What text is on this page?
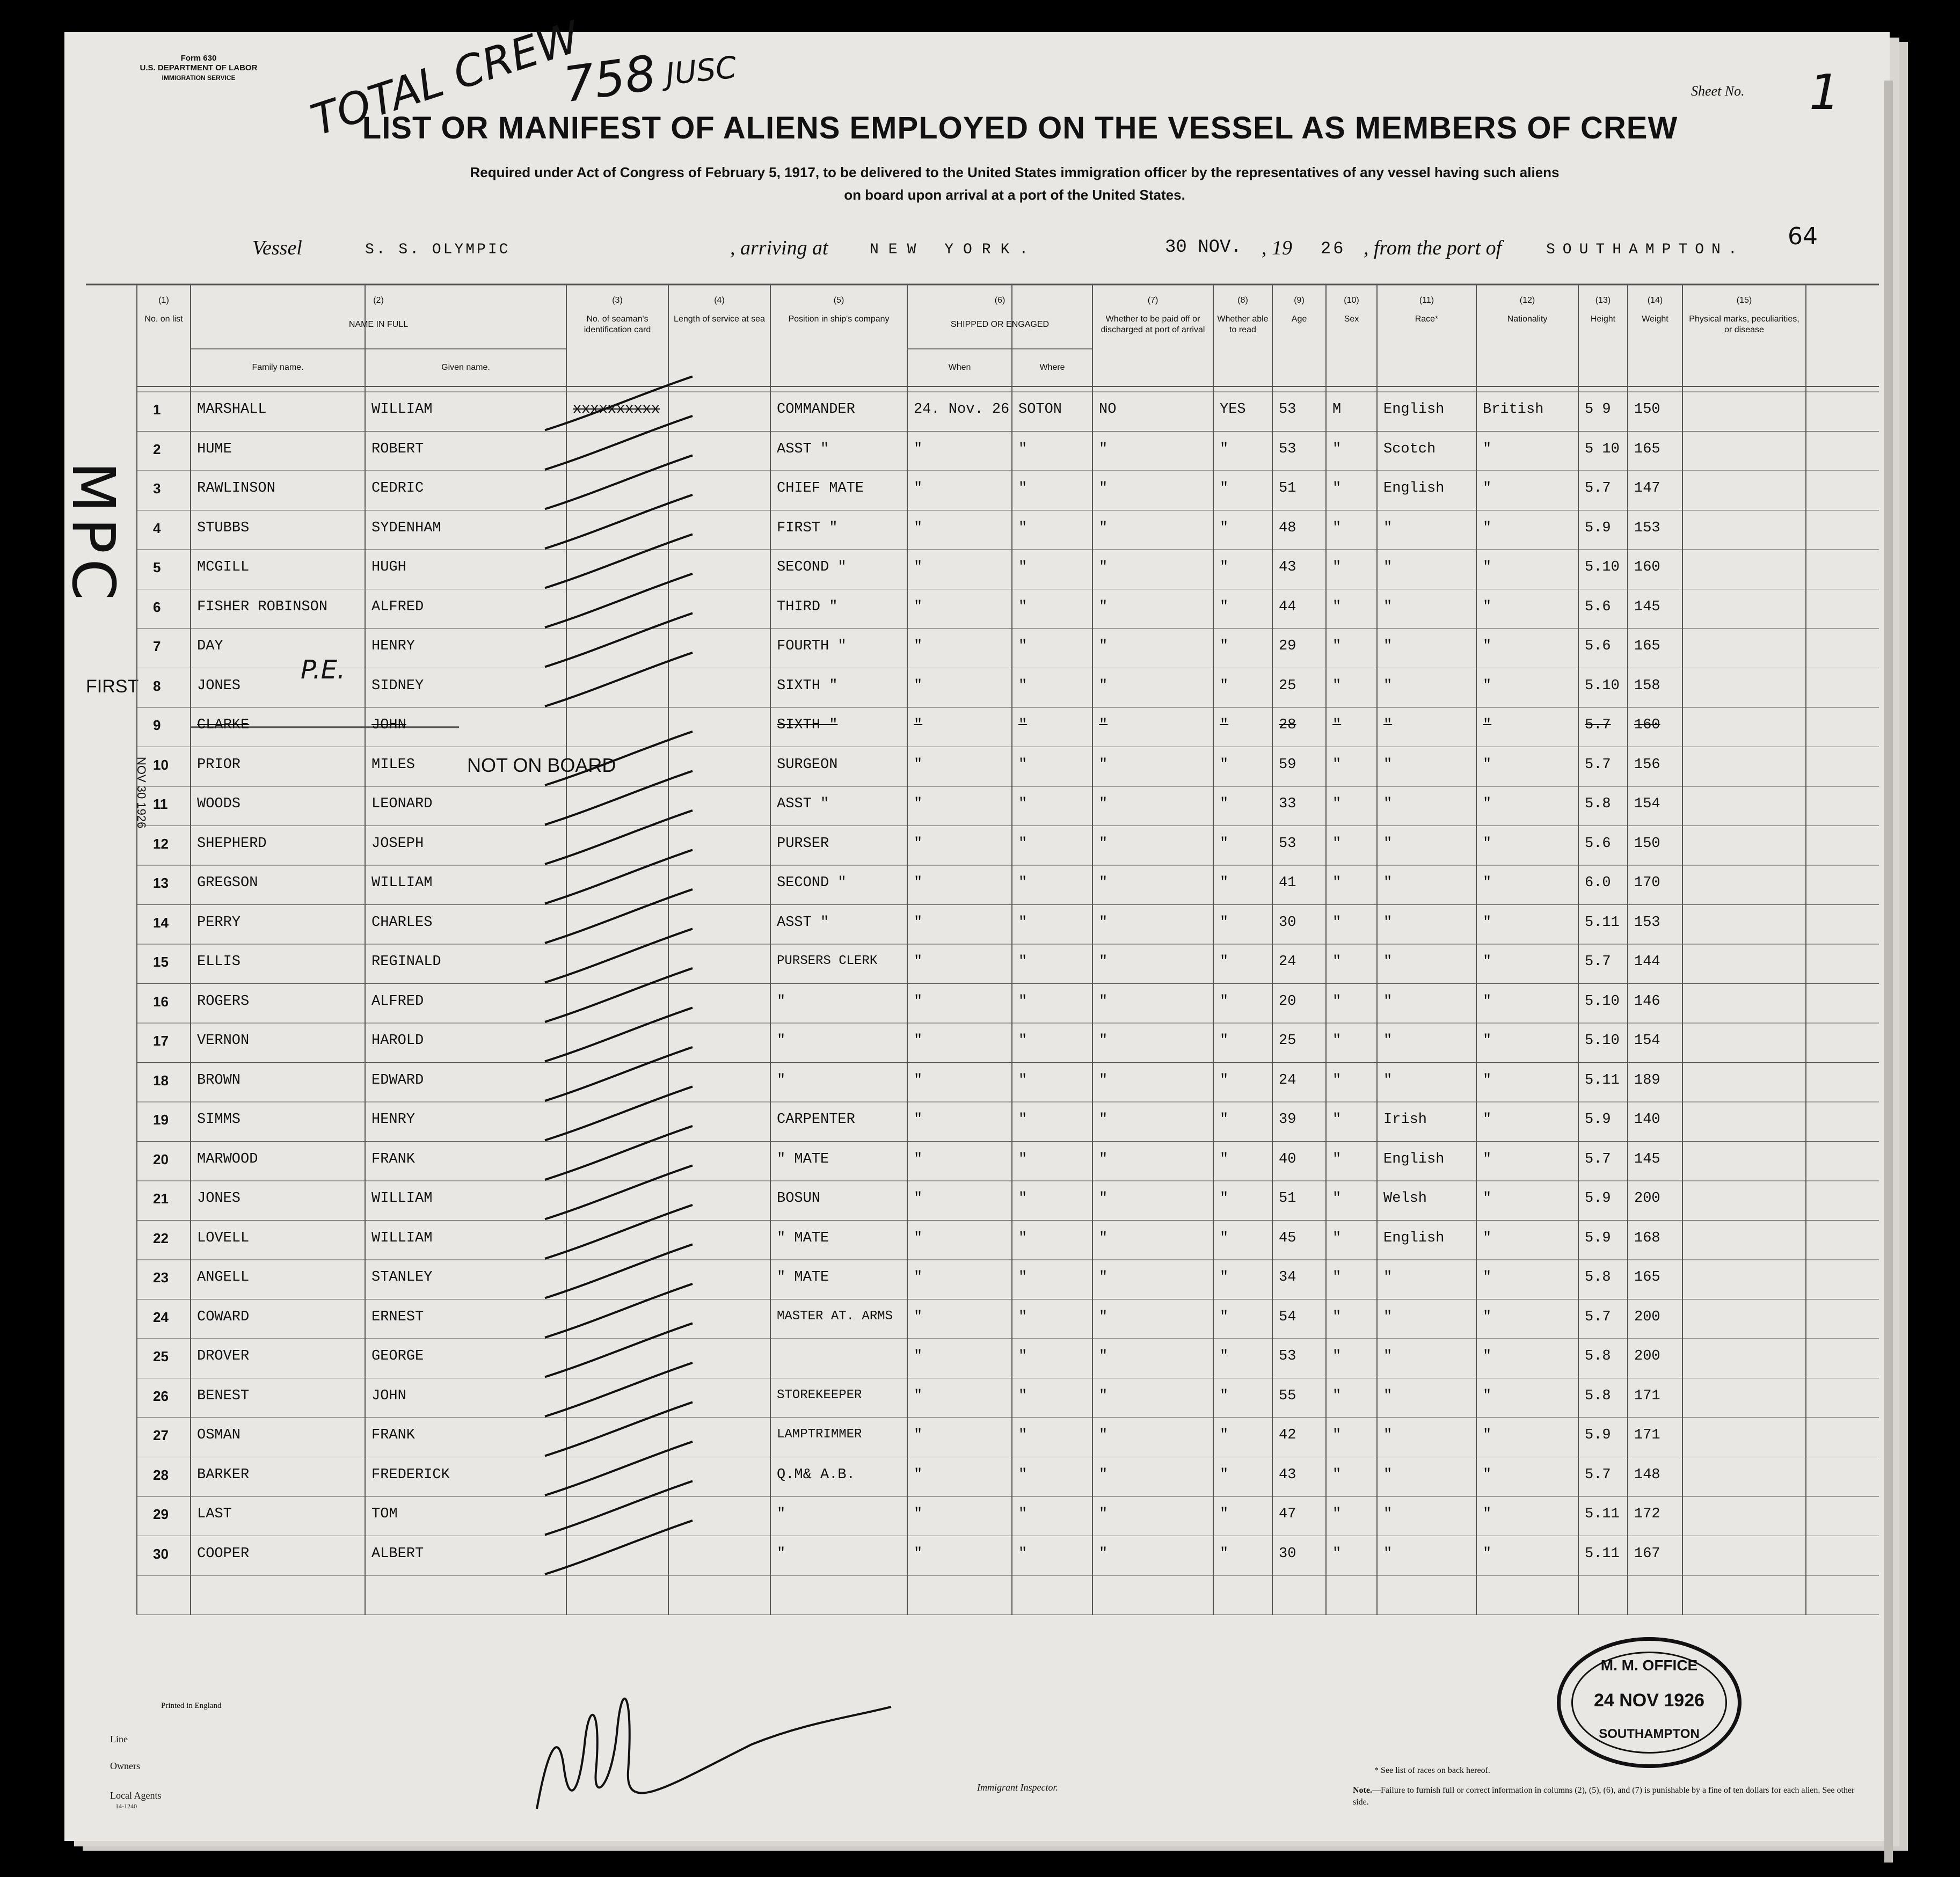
Form 630
U.S. DEPARTMENT OF LABOR
IMMIGRATION SERVICE	TOTAL CREW
758 JUSC	Sheet No. 1
64
LIST OR MANIFEST OF ALIENS EMPLOYED ON THE VESSEL AS MEMBERS OF CREW
Required under Act of Congress of February 5, 1917, to be delivered to the United States immigration officer by the representatives of any vessel having such aliens
on board upon arrival at a port of the United States.
Vessel	S. S. OLYMPIC	, arriving at	NEW YORK.	30 NOV. , 19 26 , from the port of	SOUTHAMPTON.
MPC
FIRST
NOV 30 1926
(1)
No. on list
(2)
NAME IN FULL
(3)
No. of seaman's identification card
(4)
Length of service at sea
(5)
Position in ship's company
(6)
SHIPPED OR ENGAGED
(7)
Whether to be paid off or discharged at port of arrival
(8)
Whether able to read
(9)
Age
(10)
Sex
(11)
Race*
(12)
Nationality
(13)
Height
(14)
Weight
(15)
Physical marks, peculiarities, or disease
Family name.	Given name.	When	Where
1	MARSHALL	WILLIAM	xxxxxxxxxx	COMMANDER	24. Nov. 26 SOTON	NO	YES 53	M	English	British	5 9 150
2	HUME	ROBERT	ASST "	"	"	"	"	53	"	Scotch	"	5 10 165
3	RAWLINSON	CEDRIC	CHIEF MATE	"	"	"	"	51	"	English	"	5.7 147
4	STUBBS	SYDENHAM	FIRST "	"	"	"	"	48	"	"	"	5.9 153
5	MCGILL	HUGH	SECOND "	"	"	"	"	43	"	"	"	5.10 160
6	FISHER ROBINSON	ALFRED	THIRD "	"	"	"	"	44	"	"	"	5.6 145
7	DAY	HENRY	FOURTH "	"	"	"	"	29	"	"	"	5.6 165
8	JONES	SIDNEY	SIXTH "	"	"	"	"	25	"	"	"	5.10 158
9	CLARKE	JOHN	SIXTH "	"	"	"	"	28	"	"	"	5.7 160
10 PRIOR	MILES	SURGEON	"	"	"	"	59	"	"	"	5.7 156
11 WOODS	LEONARD	ASST "	"	"	"	"	33	"	"	"	5.8 154
12 SHEPHERD	JOSEPH	PURSER	"	"	"	"	53	"	"	"	5.6 150
13 GREGSON	WILLIAM	SECOND "	"	"	"	"	41	"	"	"	6.0 170
14 PERRY	CHARLES	ASST "	"	"	"	"	30	"	"	"	5.11 153
15 ELLIS	REGINALD	PURSERS CLERK	"	"	"	"	24	"	"	"	5.7 144
16 ROGERS	ALFRED	"	"	"	"	"	20	"	"	"	5.10 146
17 VERNON	HAROLD	"	"	"	"	"	25	"	"	"	5.10 154
18 BROWN	EDWARD	"	"	"	"	"	24	"	"	"	5.11 189
19 SIMMS	HENRY	CARPENTER	"	"	"	"	39	"	Irish	"	5.9 140
20 MARWOOD	FRANK	" MATE	"	"	"	"	40	"	English	"	5.7 145
21 JONES	WILLIAM	BOSUN	"	"	"	"	51	"	Welsh	"	5.9 200
22 LOVELL	WILLIAM	" MATE	"	"	"	"	45	"	English	"	5.9 168
23 ANGELL	STANLEY	" MATE	"	"	"	"	34	"	"	"	5.8 165
24 COWARD	ERNEST	MASTER AT. ARMS "	"	"	"	54	"	"	"	5.7 200
25 DROVER	GEORGE	"	"	"	"	53	"	"	"	5.8 200
26 BENEST	JOHN	STOREKEEPER	"	"	"	"	55	"	"	"	5.8 171
27 OSMAN	FRANK	LAMPTRIMMER	"	"	"	"	42	"	"	"	5.9 171
28 BARKER	FREDERICK	Q.M& A.B.	"	"	"	"	43	"	"	"	5.7 148
29 LAST	TOM	"	"	"	"	"	47	"	"	"	5.11 172
30 COOPER	ALBERT	"	"	"	"	"	30	"	"	"	5.11 167
P.E.
NOT ON BOARD
Printed in England
Line
Owners
Local Agents
14-1240
Immigrant Inspector.
* See list of races on back hereof.
Note.—Failure to furnish full or correct information in columns (2), (5), (6), and (7) is punishable by a fine of ten dollars for each alien. See other side.
M. M. OFFICE
24 NOV 1926
SOUTHAMPTON
